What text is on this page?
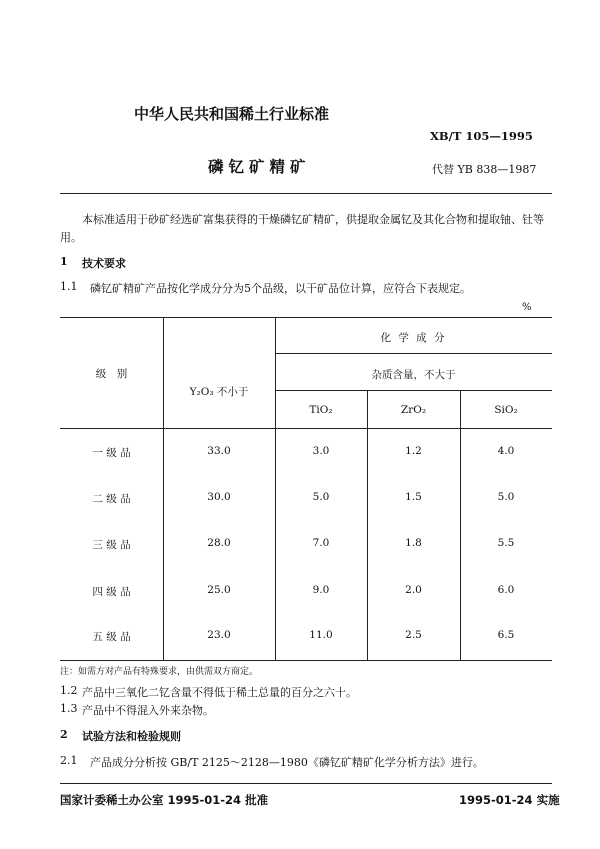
中华人民共和国稀土行业标准
XB/T 105—1995
磷钇矿精矿	代替 YB 838—1987
本标准适用于砂矿经选矿富集获得的干燥磷钇矿精矿，供提取金属钇及其化合物和提取铀、钍等
用。
1 技术要求
1.1 磷钇矿精矿产品按化学成分分为5个品级，以干矿品位计算，应符合下表规定。
%
级　别
化 学 成 分
Y₂O₃ 不小于
杂质含量，不大于
TiO₂	ZrO₂	SiO₂
一 级 品	33.0	3.0	1.2	4.0
二 级 品	30.0	5.0	1.5	5.0
三 级 品	28.0	7.0	1.8	5.5
四 级 品	25.0	9.0	2.0	6.0
五 级 品	23.0	11.0	2.5	6.5
注：如需方对产品有特殊要求，由供需双方商定。
1.2 产品中三氧化二钇含量不得低于稀土总量的百分之六十。
1.3 产品中不得混入外来杂物。
2 试验方法和检验规则
2.1 产品成分分析按 GB/T 2125～2128—1980《磷钇矿精矿化学分析方法》进行。
国家计委稀土办公室 1995-01-24 批准	1995-01-24 实施
